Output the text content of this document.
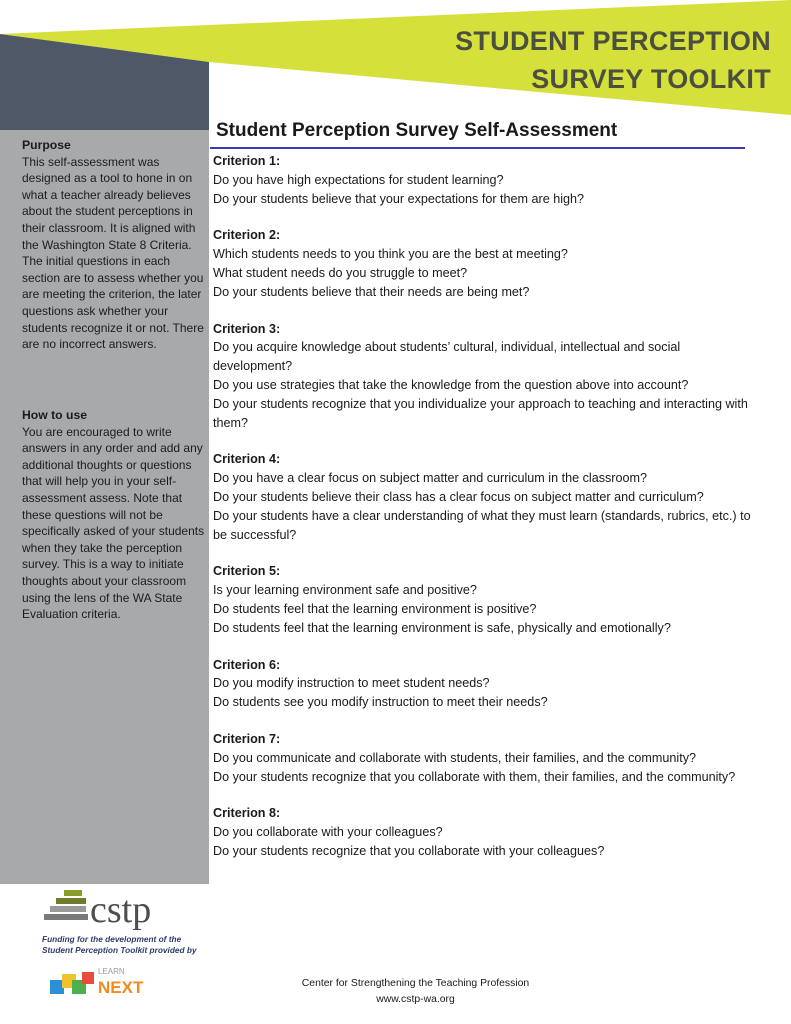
STUDENT PERCEPTION
SURVEY TOOLKIT
Purpose
This self-assessment was designed as a tool to hone in on what a teacher already believes about the student perceptions in their classroom. It is aligned with the Washington State 8 Criteria. The initial questions in each section are to assess whether you are meeting the criterion, the later questions ask whether your students recognize it or not. There are no incorrect answers.
How to use
You are encouraged to write answers in any order and add any additional thoughts or questions that will help you in your self-assessment assess. Note that these questions will not be specifically asked of your students when they take the perception survey. This is a way to initiate thoughts about your classroom using the lens of the WA State Evaluation criteria.
Student Perception Survey Self-Assessment
Criterion 1:
Do you have high expectations for student learning?
Do your students believe that your expectations for them are high?
Criterion 2:
Which students needs to you think you are the best at meeting?
What student needs do you struggle to meet?
Do your students believe that their needs are being met?
Criterion 3:
Do you acquire knowledge about students’ cultural, individual, intellectual and social development?
Do you use strategies that take the knowledge from the question above into account?
Do your students recognize that you individualize your approach to teaching and interacting with them?
Criterion 4:
Do you have a clear focus on subject matter and curriculum in the classroom?
Do your students believe their class has a clear focus on subject matter and curriculum?
Do your students have a clear understanding of what they must learn (standards, rubrics, etc.) to be successful?
Criterion 5:
Is your learning environment safe and positive?
Do students feel that the learning environment is positive?
Do students feel that the learning environment is safe, physically and emotionally?
Criterion 6:
Do you modify instruction to meet student needs?
Do students see you modify instruction to meet their needs?
Criterion 7:
Do you communicate and collaborate with students, their families, and the community?
Do your students recognize that you collaborate with them, their families, and the community?
Criterion 8:
Do you collaborate with your colleagues?
Do your students recognize that you collaborate with your colleagues?
cstp
Funding for the development of the
Student Perception Toolkit provided by
LEARN
NEXT	Center for Strengthening the Teaching Profession
www.cstp-wa.org
